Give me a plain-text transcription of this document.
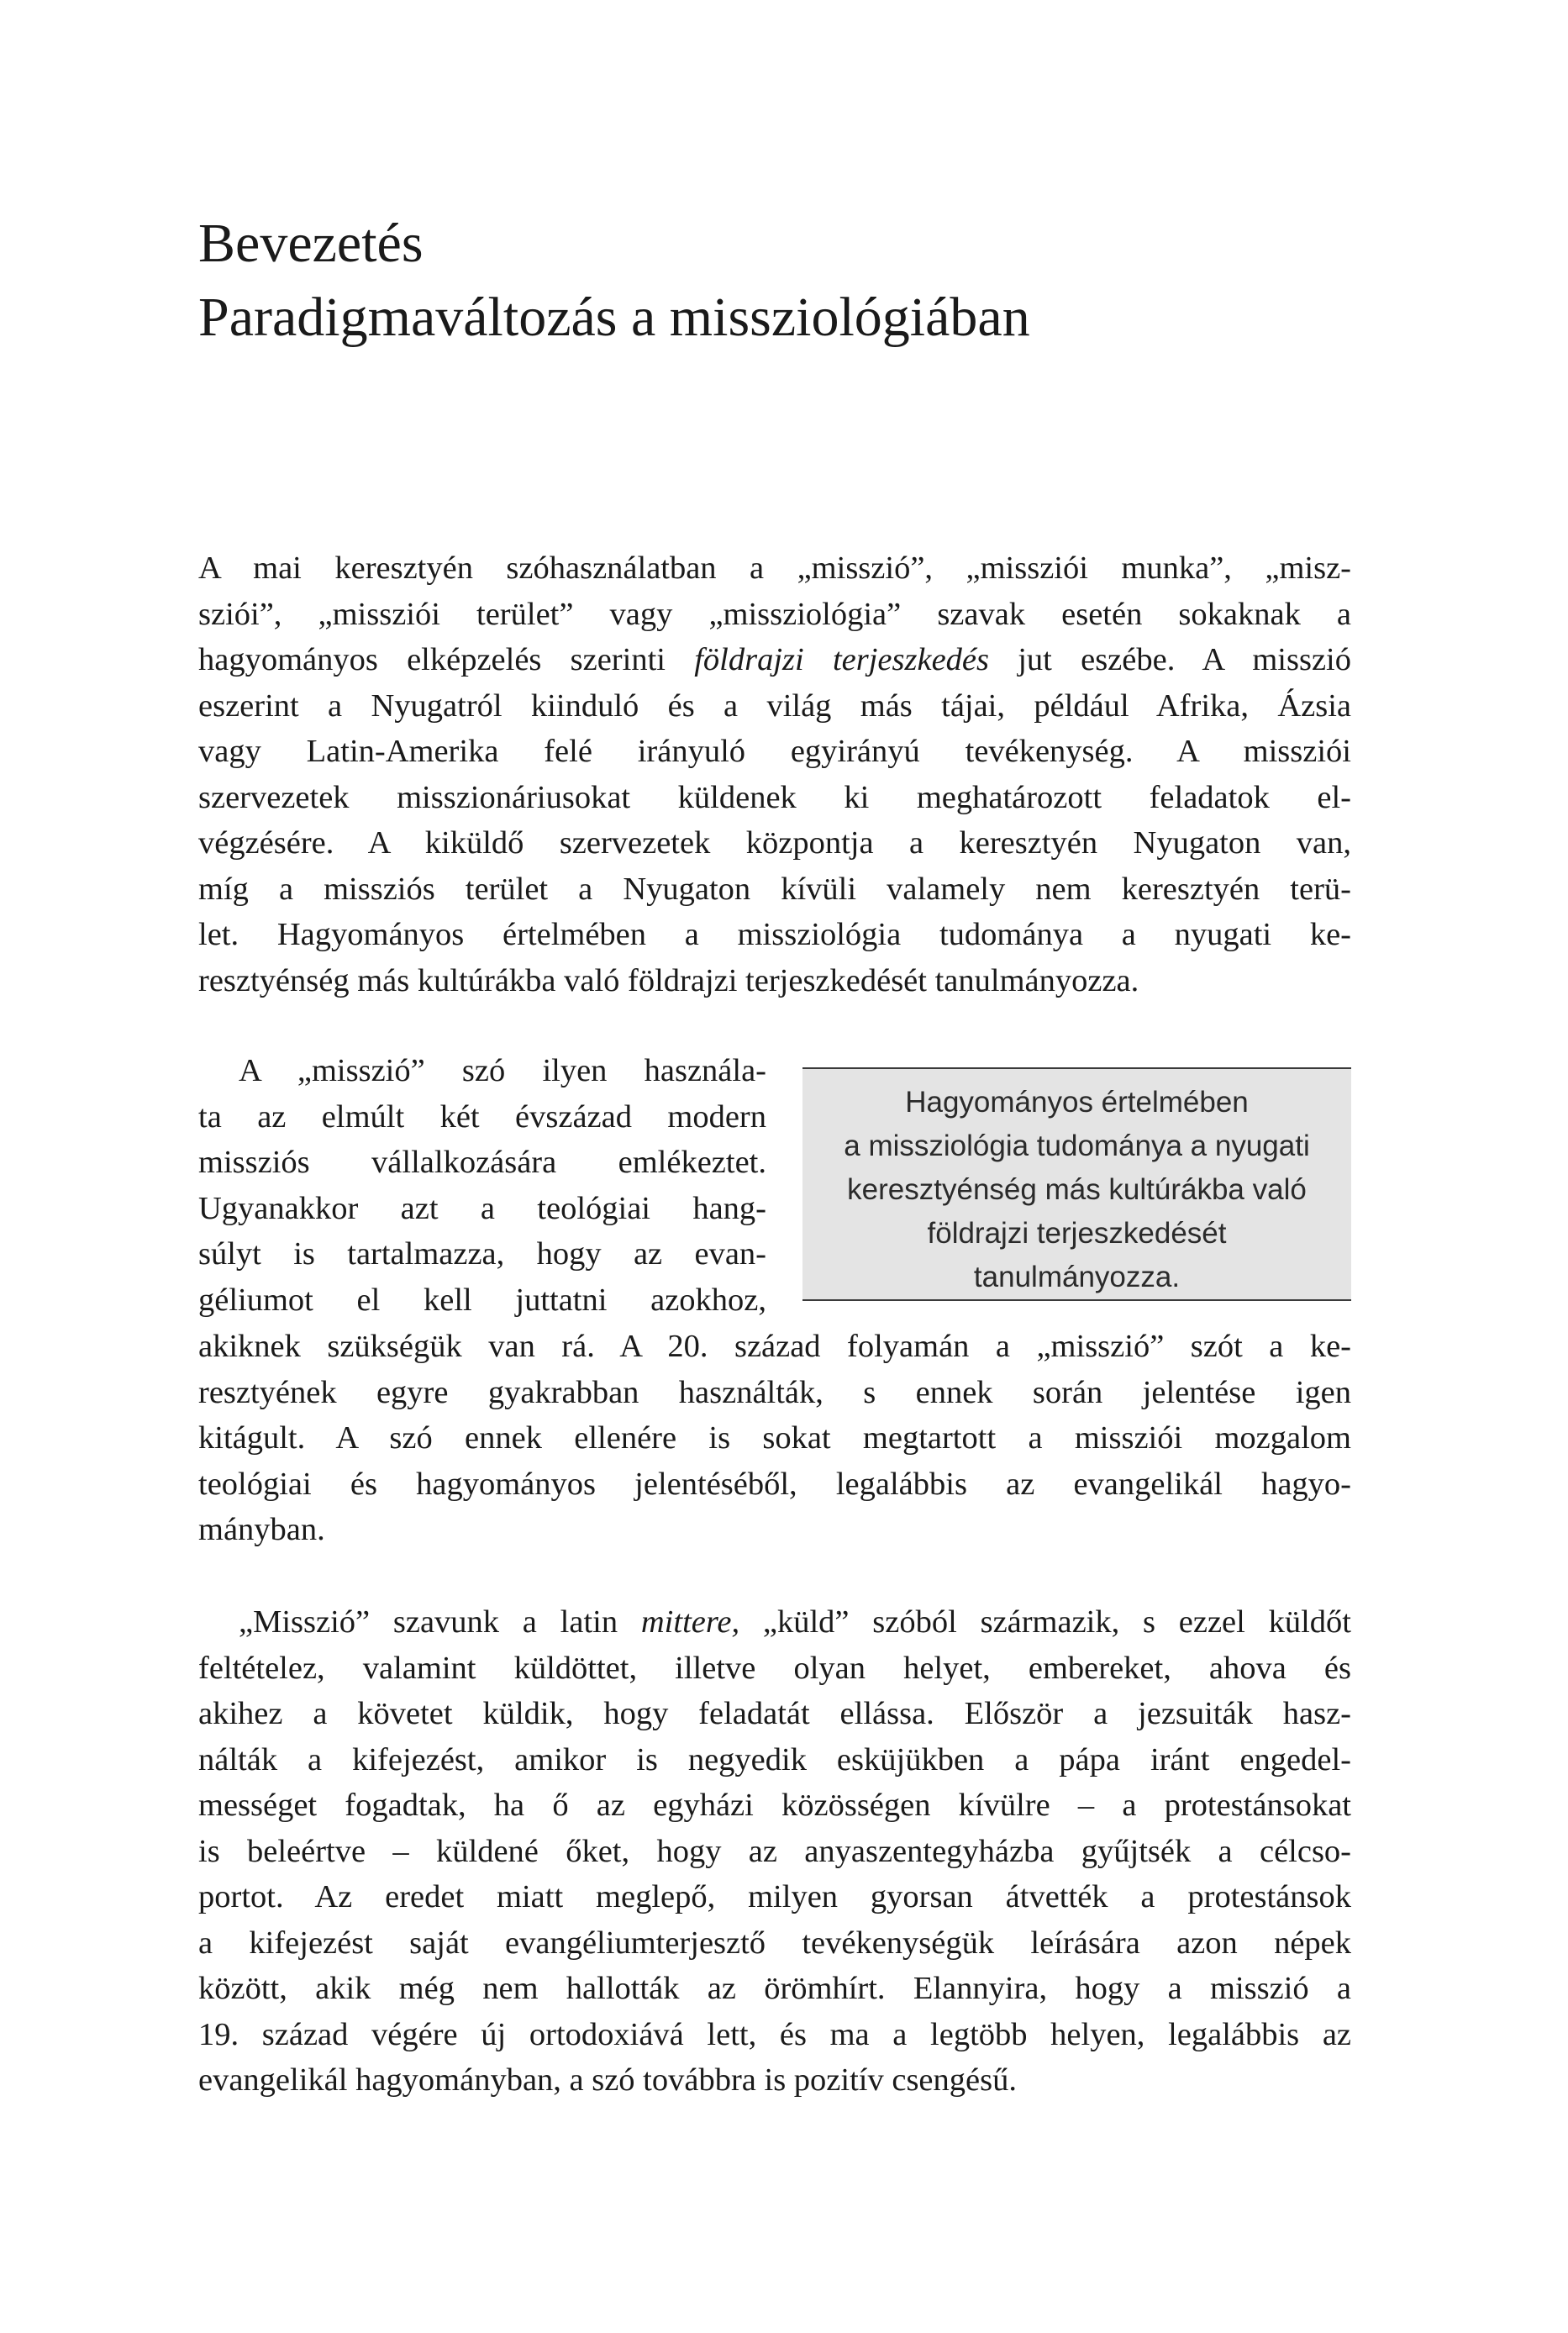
Bevezetés
Paradigmaváltozás a missziológiában
A mai keresztyén szóhasználatban a „misszió”, „missziói munka”, „misz-
sziói”, „missziói terület” vagy „missziológia” szavak esetén sokaknak a
hagyományos elképzelés szerinti földrajzi terjeszkedés jut eszébe. A misszió
eszerint a Nyugatról kiinduló és a világ más tájai, például Afrika, Ázsia
vagy Latin-Amerika felé irányuló egyirányú tevékenység. A missziói
szervezetek misszionáriusokat küldenek ki meghatározott feladatok el-
végzésére. A kiküldő szervezetek központja a keresztyén Nyugaton van,
míg a missziós terület a Nyugaton kívüli valamely nem keresztyén terü-
let. Hagyományos értelmében a missziológia tudománya a nyugati ke-
resztyénség más kultúrákba való földrajzi terjeszkedését tanulmányozza.
A „misszió” szó ilyen használa-
ta az elmúlt két évszázad modern
missziós vállalkozására emlékeztet.
Ugyanakkor azt a teológiai hang-
súlyt is tartalmazza, hogy az evan-
géliumot el kell juttatni azokhoz,
Hagyományos értelmében
a missziológia tudománya a nyugati
keresztyénség más kultúrákba való
földrajzi terjeszkedését
tanulmányozza.
akiknek szükségük van rá. A 20. század folyamán a „misszió” szót a ke-
resztyének egyre gyakrabban használták, s ennek során jelentése igen
kitágult. A szó ennek ellenére is sokat megtartott a missziói mozgalom
teológiai és hagyományos jelentéséből, legalábbis az evangelikál hagyo-
mányban.
„Misszió” szavunk a latin mittere, „küld” szóból származik, s ezzel küldőt
feltételez, valamint küldöttet, illetve olyan helyet, embereket, ahova és
akihez a követet küldik, hogy feladatát ellássa. Először a jezsuiták hasz-
nálták a kifejezést, amikor is negyedik esküjükben a pápa iránt engedel-
mességet fogadtak, ha ő az egyházi közösségen kívülre – a protestánsokat
is beleértve – küldené őket, hogy az anyaszentegyházba gyűjtsék a célcso-
portot. Az eredet miatt meglepő, milyen gyorsan átvették a protestánsok
a kifejezést saját evangéliumterjesztő tevékenységük leírására azon népek
között, akik még nem hallották az örömhírt. Elannyira, hogy a misszió a
19. század végére új ortodoxiává lett, és ma a legtöbb helyen, legalábbis az
evangelikál hagyományban, a szó továbbra is pozitív csengésű.
